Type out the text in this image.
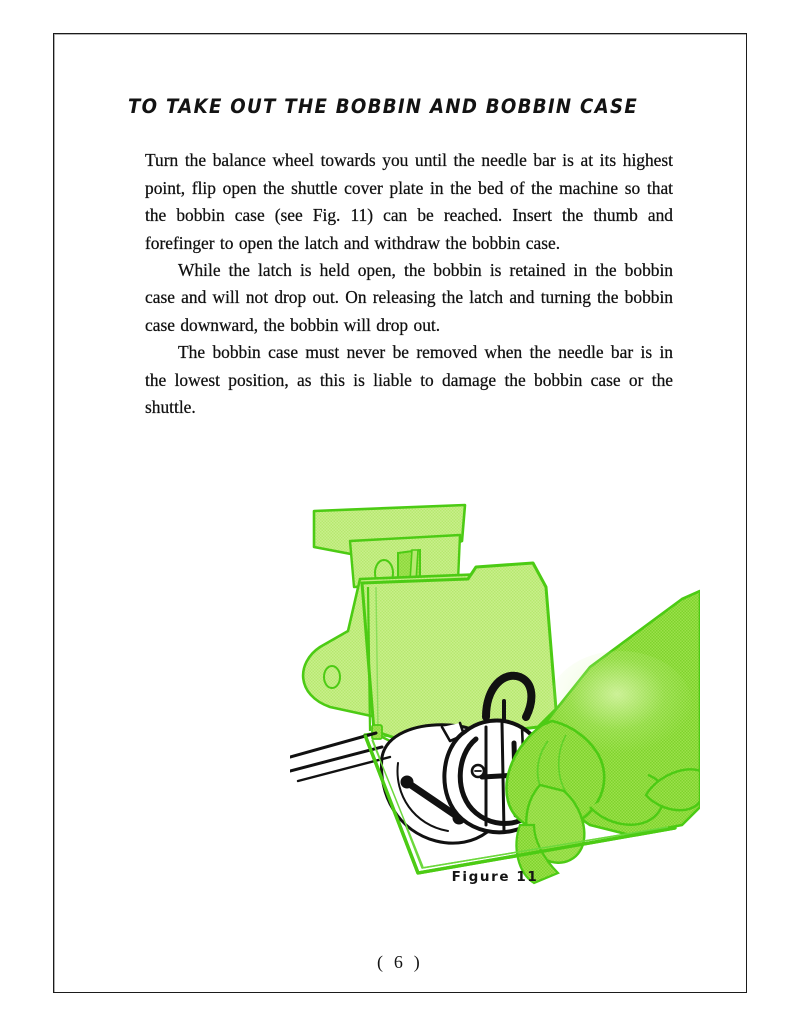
TO TAKE OUT THE BOBBIN AND BOBBIN CASE

Turn the balance wheel towards you until the needle bar is at its highest point, flip open the shuttle cover plate in the bed of the machine so that the bobbin case (see Fig. 11) can be reached. Insert the thumb and forefinger to open the latch and withdraw the bobbin case.

While the latch is held open, the bobbin is retained in the bobbin case and will not drop out. On releasing the latch and turning the bobbin case downward, the bobbin will drop out.

The bobbin case must never be removed when the needle bar is in the lowest position, as this is liable to damage the bobbin case or the shuttle.

Figure 11
( 6 )
